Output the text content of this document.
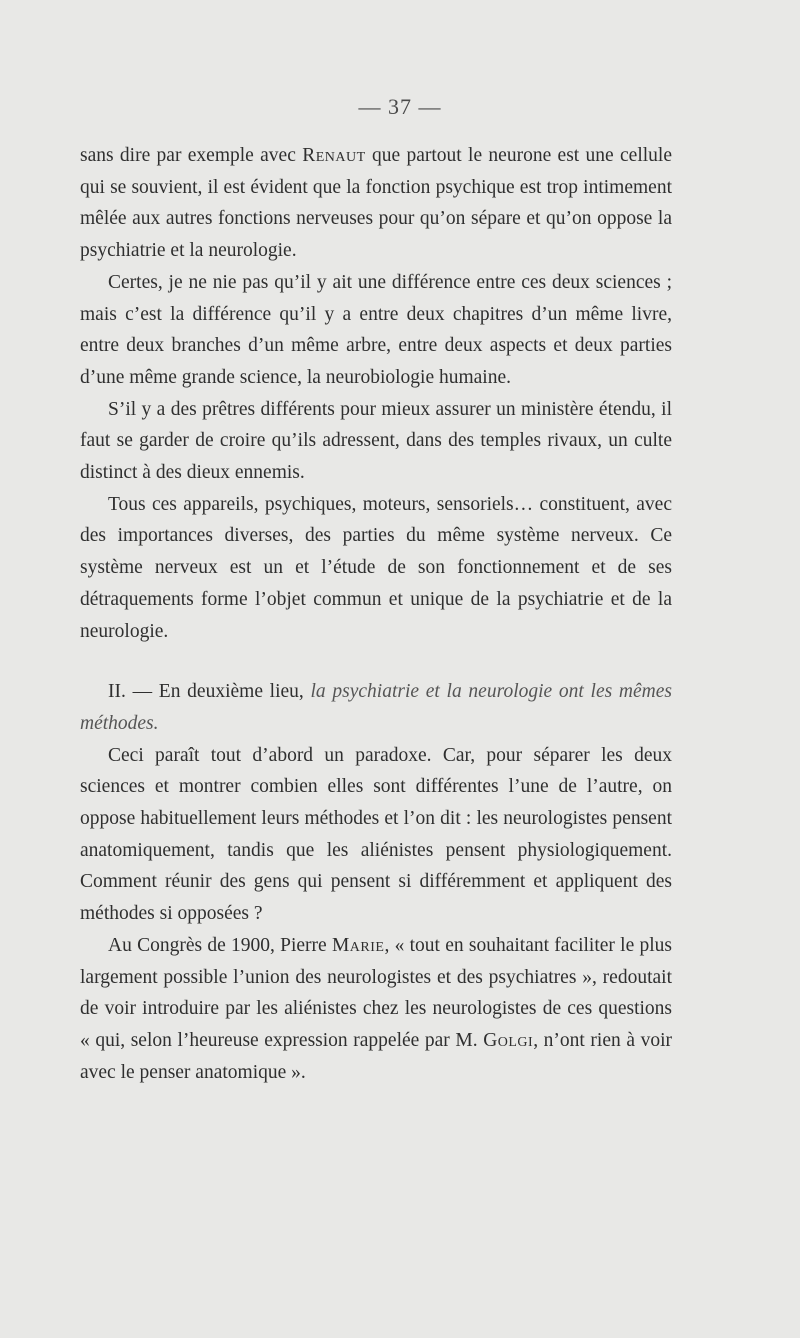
— 37 —

sans dire par exemple avec Renaut que partout le neurone est une cellule qui se souvient, il est évident que la fonction psychique est trop intimement mêlée aux autres fonctions nerveuses pour qu’on sépare et qu’on oppose la psychiatrie et la neurologie.

Certes, je ne nie pas qu’il y ait une différence entre ces deux sciences ; mais c’est la différence qu’il y a entre deux chapitres d’un même livre, entre deux branches d’un même arbre, entre deux aspects et deux parties d’une même grande science, la neurobiologie humaine.

S’il y a des prêtres différents pour mieux assurer un ministère étendu, il faut se garder de croire qu’ils adressent, dans des temples rivaux, un culte distinct à des dieux ennemis.

Tous ces appareils, psychiques, moteurs, sensoriels… constituent, avec des importances diverses, des parties du même système nerveux. Ce système nerveux est un et l’étude de son fonctionnement et de ses détraquements forme l’objet commun et unique de la psychiatrie et de la neurologie.

II. — En deuxième lieu, la psychiatrie et la neurologie ont les mêmes méthodes.

Ceci paraît tout d’abord un paradoxe. Car, pour séparer les deux sciences et montrer combien elles sont différentes l’une de l’autre, on oppose habituellement leurs méthodes et l’on dit : les neurologistes pensent anatomiquement, tandis que les aliénistes pensent physiologiquement. Comment réunir des gens qui pensent si différemment et appliquent des méthodes si opposées ?

Au Congrès de 1900, Pierre Marie, « tout en souhaitant faciliter le plus largement possible l’union des neurologistes et des psychiatres », redoutait de voir introduire par les aliénistes chez les neurologistes de ces questions « qui, selon l’heureuse expression rappelée par M. Golgi, n’ont rien à voir avec le penser anatomique ».
